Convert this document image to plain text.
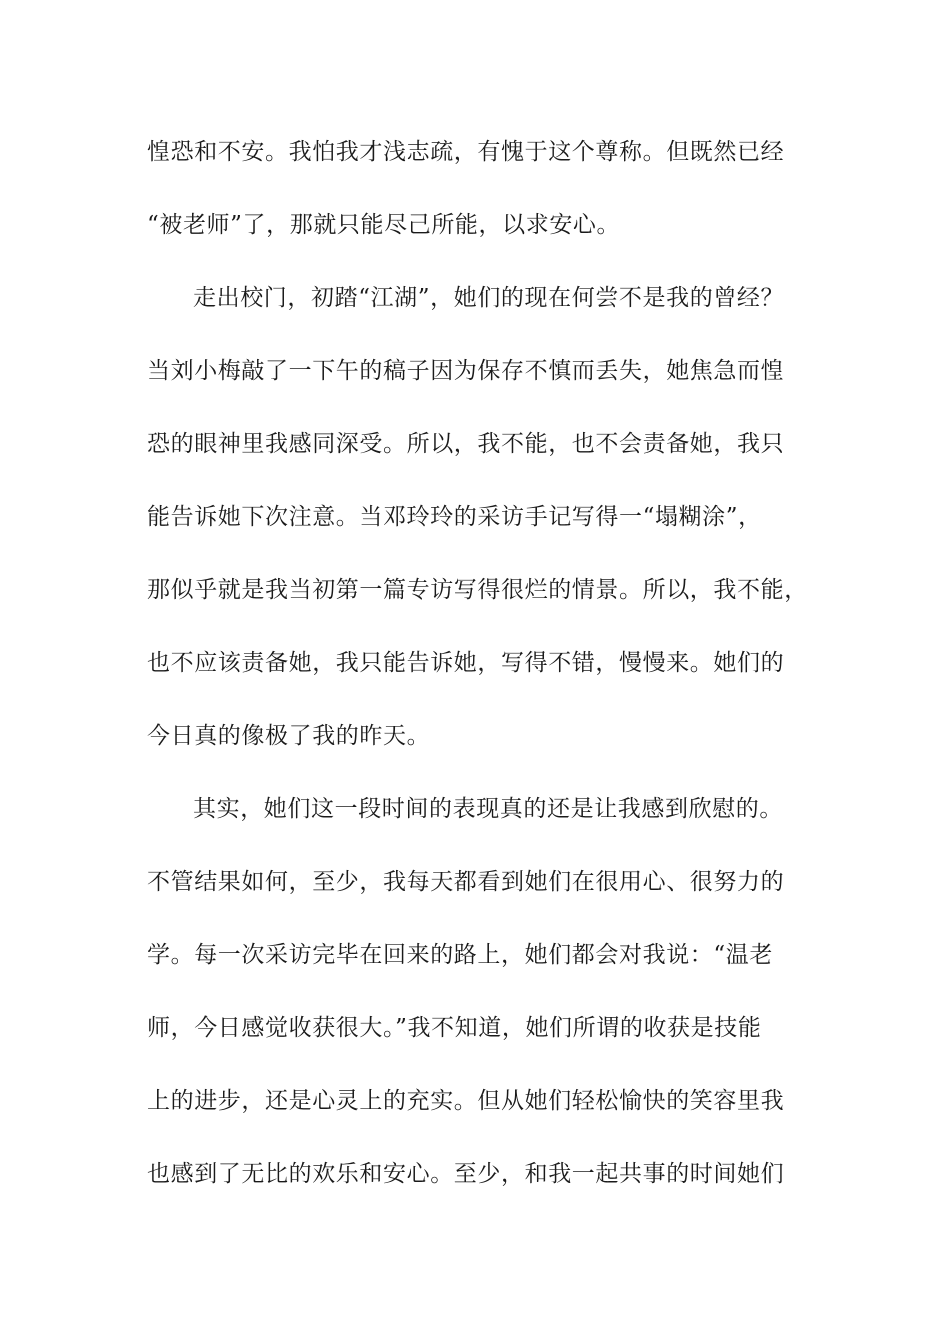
惶恐和不安。我怕我才浅志疏，有愧于这个尊称。但既然已经
“被老师”了，那就只能尽己所能，以求安心。
走出校门，初踏“江湖”，她们的现在何尝不是我的曾经？
当刘小梅敲了一下午的稿子因为保存不慎而丢失，她焦急而惶
恐的眼神里我感同深受。所以，我不能，也不会责备她，我只
能告诉她下次注意。当邓玲玲的采访手记写得一“塌糊涂”，
那似乎就是我当初第一篇专访写得很烂的情景。所以，我不能，
也不应该责备她，我只能告诉她，写得不错，慢慢来。她们的
今日真的像极了我的昨天。
其实，她们这一段时间的表现真的还是让我感到欣慰的。
不管结果如何，至少，我每天都看到她们在很用心、很努力的
学。每一次采访完毕在回来的路上，她们都会对我说：“温老
师，今日感觉收获很大。”我不知道，她们所谓的收获是技能
上的进步，还是心灵上的充实。但从她们轻松愉快的笑容里我
也感到了无比的欢乐和安心。至少，和我一起共事的时间她们
